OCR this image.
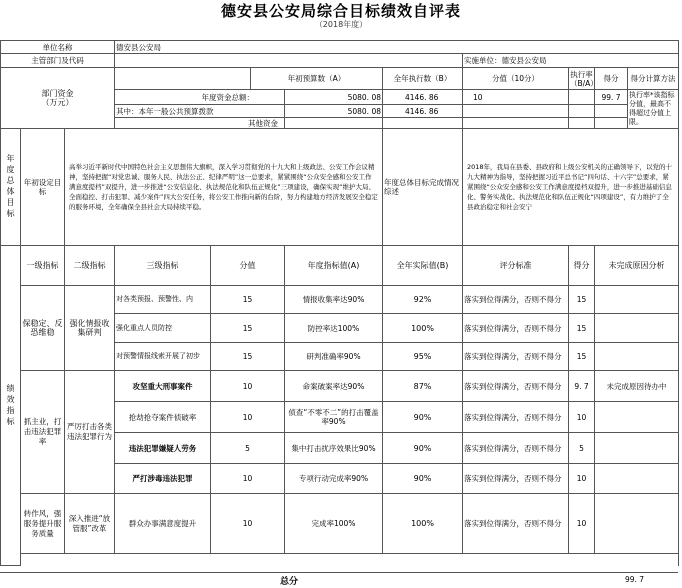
德安县公安局综合目标绩效自评表
（2018年度）
单位名称			德安县公安局								
主管部门及代码								实施单位：德安县公安局			
部门资金
（万元）					年初预算数（A）		全年执行数（B）	分值（10分）	执行率（B/A）	得分	得分计算方法
			年度资金总额：			5080. 08	4146. 86	10		99. 7	执行率*该指标分值，最高不得超过分值上限。
			其中：本年一般公共预算拨款			5080. 08	4146. 86				
			其他资金								

年度总体目标	年初设定目标	高举习近平新时代中国特色社会主义思想伟大旗帜，深入学习贯彻党的十九大和上级政法、公安工作会议精神，坚持把握“对党忠诚、服务人民、执法公正、纪律严明”这一总要求，紧紧围绕“公众安全感和公安工作满意度提档”双提升，进一步推进“公安信息化、执法规范化和队伍正规化”三项建设，确保实现“维护大局、全面稳控、打击犯罪、减少案件”四大公安任务，将公安工作推向新的台阶，努力构建地方经济发展安全稳定的服务环境，全年确保全县社会大局持续平稳。					年度总体目标完成情况综述	2018年，我局在县委、县政府和上级公安机关的正确领导下，以党的十九大精神为指导，坚持把握习近平总书记“四句话、十六字”总要求，紧紧围绕“公众安全感和公安工作满意度提档双提升，进一步推进基础信息化、警务实战化、执法规范化和队伍正规化“四项建设”，有力维护了全县政治稳定和社会安宁			

绩效指标	一级指标	二级指标	三级指标	分值		年度指标值(A)	全年实际值(B)	评分标准	得分	未完成原因分析	
	保稳定、反恐维稳	强化情报收集研判	对各类预报、预警性、内	15		情报收集率达90%	92%	落实到位得满分，否则不得分	15		
			强化重点人员防控	15		防控率达100%	100%	落实到位得满分，否则不得分	15		
			对预警情报线索开展了初步	15		研判准确率90%	95%	落实到位得满分，否则不得分	15		
	抓主业，打击违法犯罪率	严厉打击各类违法犯罪行为	攻坚重大刑事案件	10		命案破案率达90%	87%	落实到位得满分，否则不得分	9. 7	未完成原因待办中	
			抢劫抢夺案件侦破率	10		侦查“不零不二”的打击覆盖率90%	90%	落实到位得满分，否则不得分	10		
			违法犯罪嫌疑人劳务	5		集中打击扰序效果比90%	90%	落实到位得满分，否则不得分	5		
			严打涉毒违法犯罪	10		专项行动完成率90%	90%	落实到位得满分，否则不得分	10		
	转作风，强服务提升服务质量	深入推进“放管服”改革	群众办事满意度提升	10		完成率100%	100%	落实到位得满分，否则不得分	10		

总分	99. 7
